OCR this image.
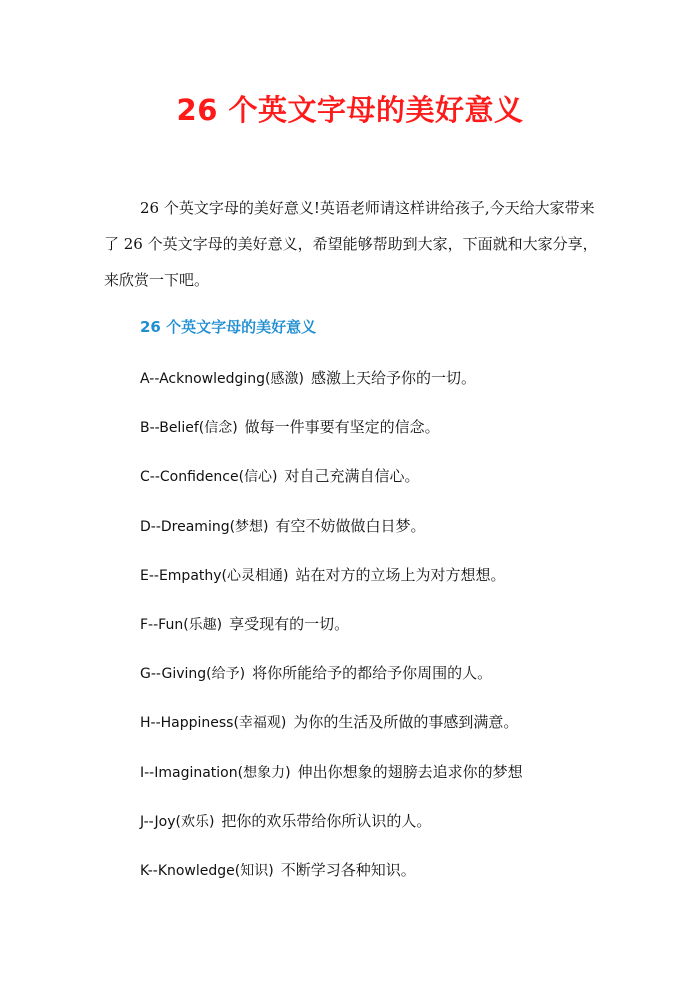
26 个英文字母的美好意义

26 个英文字母的美好意义!英语老师请这样讲给孩子,今天给大家带来了 26 个英文字母的美好意义，希望能够帮助到大家，下面就和大家分享，来欣赏一下吧。

26 个英文字母的美好意义
A--Acknowledging(感激) 感激上天给予你的一切。
B--Belief(信念) 做每一件事要有坚定的信念。
C--Confidence(信心) 对自己充满自信心。
D--Dreaming(梦想) 有空不妨做做白日梦。
E--Empathy(心灵相通) 站在对方的立场上为对方想想。
F--Fun(乐趣) 享受现有的一切。
G--Giving(给予) 将你所能给予的都给予你周围的人。
H--Happiness(幸福观) 为你的生活及所做的事感到满意。
I--Imagination(想象力) 伸出你想象的翅膀去追求你的梦想
J--Joy(欢乐) 把你的欢乐带给你所认识的人。
K--Knowledge(知识) 不断学习各种知识。
